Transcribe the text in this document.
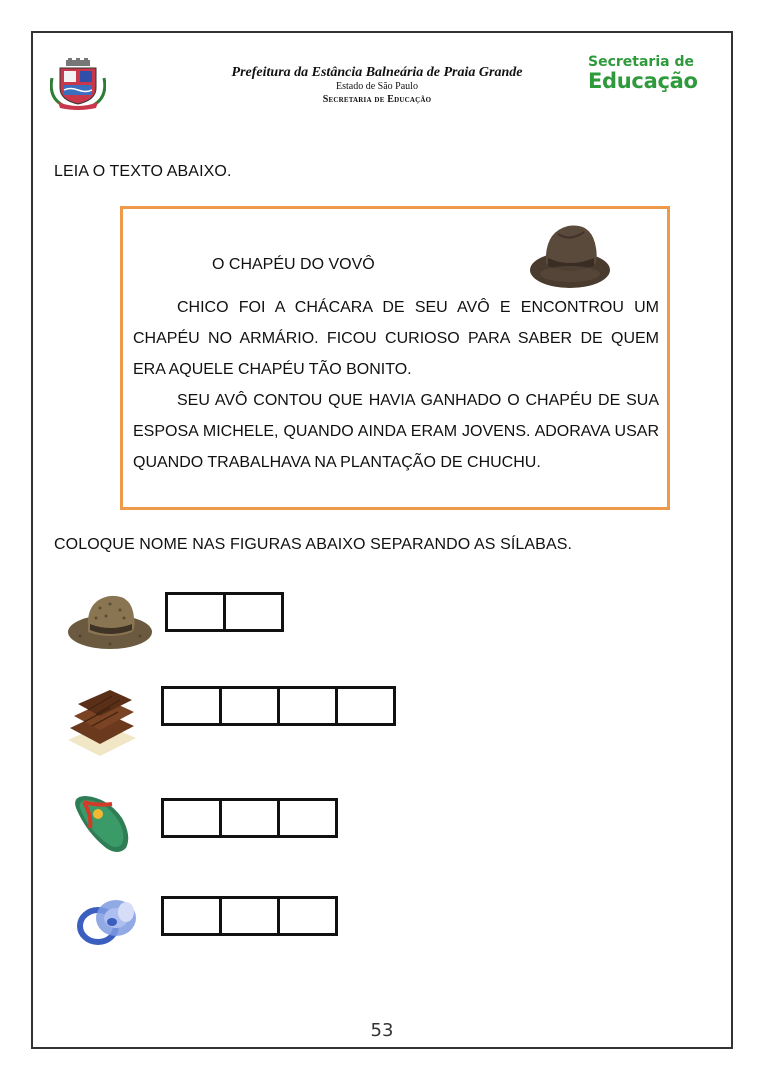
Prefeitura da Estância Balneária de Praia Grande
Estado de São Paulo
Secretaria de Educação
Secretaria de
Educação
LEIA O TEXTO ABAIXO.
O CHAPÉU DO VOVÔ

CHICO FOI A CHÁCARA DE SEU AVÔ E ENCONTROU UM CHAPÉU NO ARMÁRIO. FICOU CURIOSO PARA SABER DE QUEM ERA AQUELE CHAPÉU TÃO BONITO.

SEU AVÔ CONTOU QUE HAVIA GANHADO O CHAPÉU DE SUA ESPOSA MICHELE, QUANDO AINDA ERAM JOVENS. ADORAVA USAR QUANDO TRABALHAVA NA PLANTAÇÃO DE CHUCHU.

COLOQUE NOME NAS FIGURAS ABAIXO SEPARANDO AS SÍLABAS.
53
